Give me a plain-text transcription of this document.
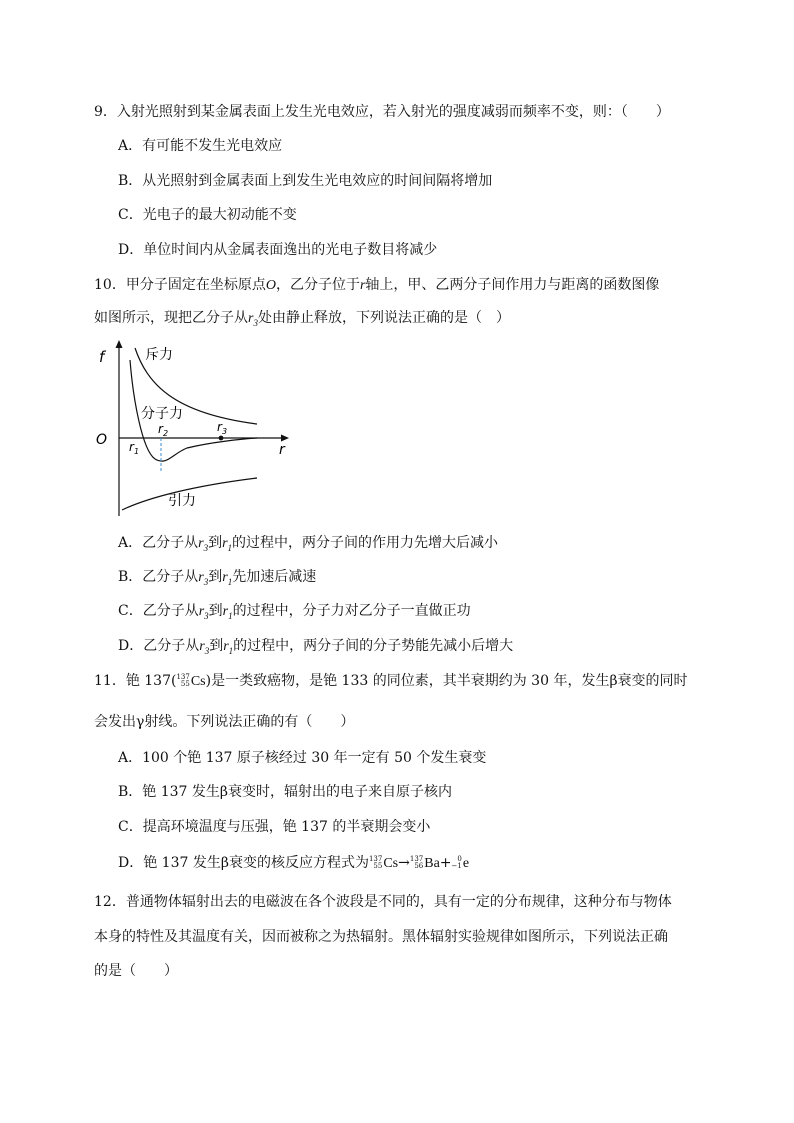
9．入射光照射到某金属表面上发生光电效应，若入射光的强度减弱而频率不变，则：（　　）
A．有可能不发生光电效应
B．从光照射到金属表面上到发生光电效应的时间间隔将增加
C．光电子的最大初动能不变
D．单位时间内从金属表面逸出的光电子数目将减少
10．甲分子固定在坐标原点O，乙分子位于r轴上，甲、乙两分子间作用力与距离的函数图像
如图所示，现把乙分子从$r_3$处由静止释放，下列说法正确的是（　）
f
O
r
斥力
分子力
引力
$r_1$
$r_2$	$r_3$
A．乙分子从$r_3$到$r_1$的过程中，两分子间的作用力先增大后减小
B．乙分子从$r_3$到$r_1$先加速后减速
C．乙分子从$r_3$到$r_1$的过程中，分子力对乙分子一直做正功
D．乙分子从$r_3$到$r_1$的过程中，两分子间的分子势能先减小后增大
11．铯 137( 137
55 Cs)是一类致癌物，是铯 133 的同位素，其半衰期约为 30 年，发生β衰变的同时
会发出γ射线。下列说法正确的有（　　）
A．100 个铯 137 原子核经过 30 年一定有 50 个发生衰变
B．铯 137 发生β衰变时，辐射出的电子来自原子核内
C．提高环境温度与压强，铯 137 的半衰期会变小
D．铯 137 发生β衰变的核反应方程式为 137
55 Cs→ 137
56 Ba+ 0
−1 e
12．普通物体辐射出去的电磁波在各个波段是不同的，具有一定的分布规律，这种分布与物体
本身的特性及其温度有关，因而被称之为热辐射。黑体辐射实验规律如图所示，下列说法正确
的是（　　）
